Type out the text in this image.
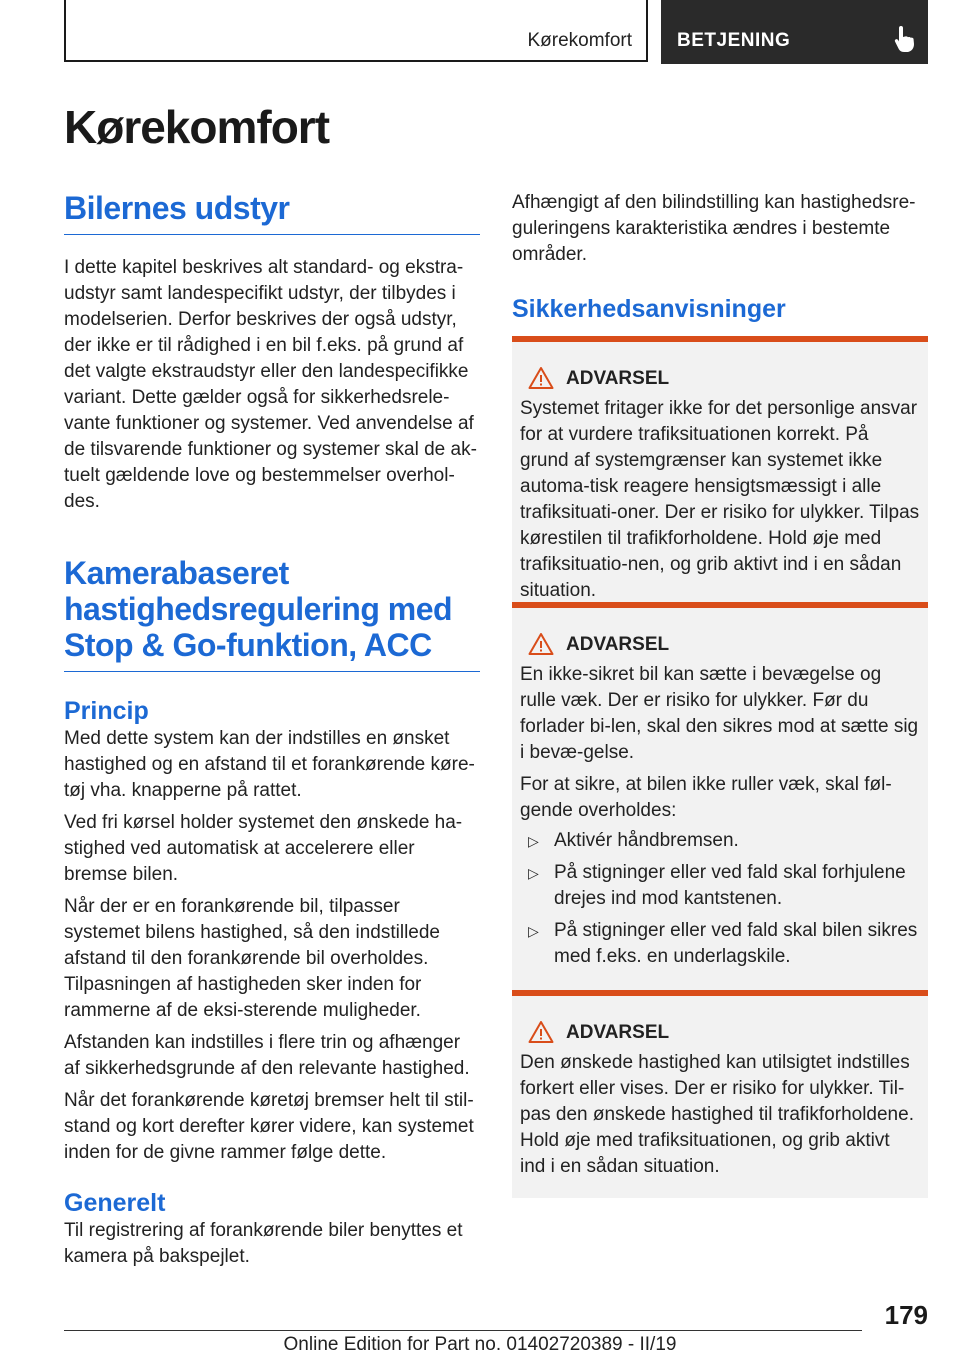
Kørekomfort BETJENING
Kørekomfort
Bilernes udstyr

I dette kapitel beskrives alt standard- og ekstra-udstyr samt landespecifikt udstyr, der tilbydes i modelserien. Derfor beskrives der også udstyr, der ikke er til rådighed i en bil f.eks. på grund af det valgte ekstraudstyr eller den landespecifikke variant. Dette gælder også for sikkerhedsrele-vante funktioner og systemer. Ved anvendelse af de tilsvarende funktioner og systemer skal de ak-tuelt gældende love og bestemmelser overhol-des.

Kamerabaseret hastighedsregulering med Stop & Go-funktion, ACC
Princip

Med dette system kan der indstilles en ønsket hastighed og en afstand til et forankørende køre-tøj vha. knapperne på rattet.

Ved fri kørsel holder systemet den ønskede ha-stighed ved automatisk at accelerere eller bremse bilen.

Når der er en forankørende bil, tilpasser systemet bilens hastighed, så den indstillede afstand til den forankørende bil overholdes. Tilpasningen af hastigheden sker inden for rammerne af de eksi-sterende muligheder.

Afstanden kan indstilles i flere trin og afhænger af sikkerhedsgrunde af den relevante hastighed.

Når det forankørende køretøj bremser helt til stil-stand og kort derefter kører videre, kan systemet inden for de givne rammer følge dette.

Generelt

Til registrering af forankørende biler benyttes et kamera på bakspejlet.

Afhængigt af den bilindstilling kan hastighedsre-guleringens karakteristika ændres i bestemte områder.

Sikkerhedsanvisninger
ADVARSEL

Systemet fritager ikke for det personlige ansvar for at vurdere trafiksituationen korrekt. På grund af systemgrænser kan systemet ikke automa-tisk reagere hensigtsmæssigt i alle trafiksituati-oner. Der er risiko for ulykker. Tilpas kørestilen til trafikforholdene. Hold øje med trafiksituatio-nen, og grib aktivt ind i en sådan situation.

ADVARSEL

En ikke-sikret bil kan sætte i bevægelse og rulle væk. Der er risiko for ulykker. Før du forlader bi-len, skal den sikres mod at sætte sig i bevæ-gelse.

For at sikre, at bilen ikke ruller væk, skal føl-gende overholdes:

▷ Aktivér håndbremsen.
▷ På stigninger eller ved fald skal forhjulene drejes ind mod kantstenen.
▷ På stigninger eller ved fald skal bilen sikres med f.eks. en underlagskile.
ADVARSEL

Den ønskede hastighed kan utilsigtet indstilles forkert eller vises. Der er risiko for ulykker. Til-pas den ønskede hastighed til trafikforholdene. Hold øje med trafiksituationen, og grib aktivt ind i en sådan situation.

179
Online Edition for Part no. 01402720389 - II/19
